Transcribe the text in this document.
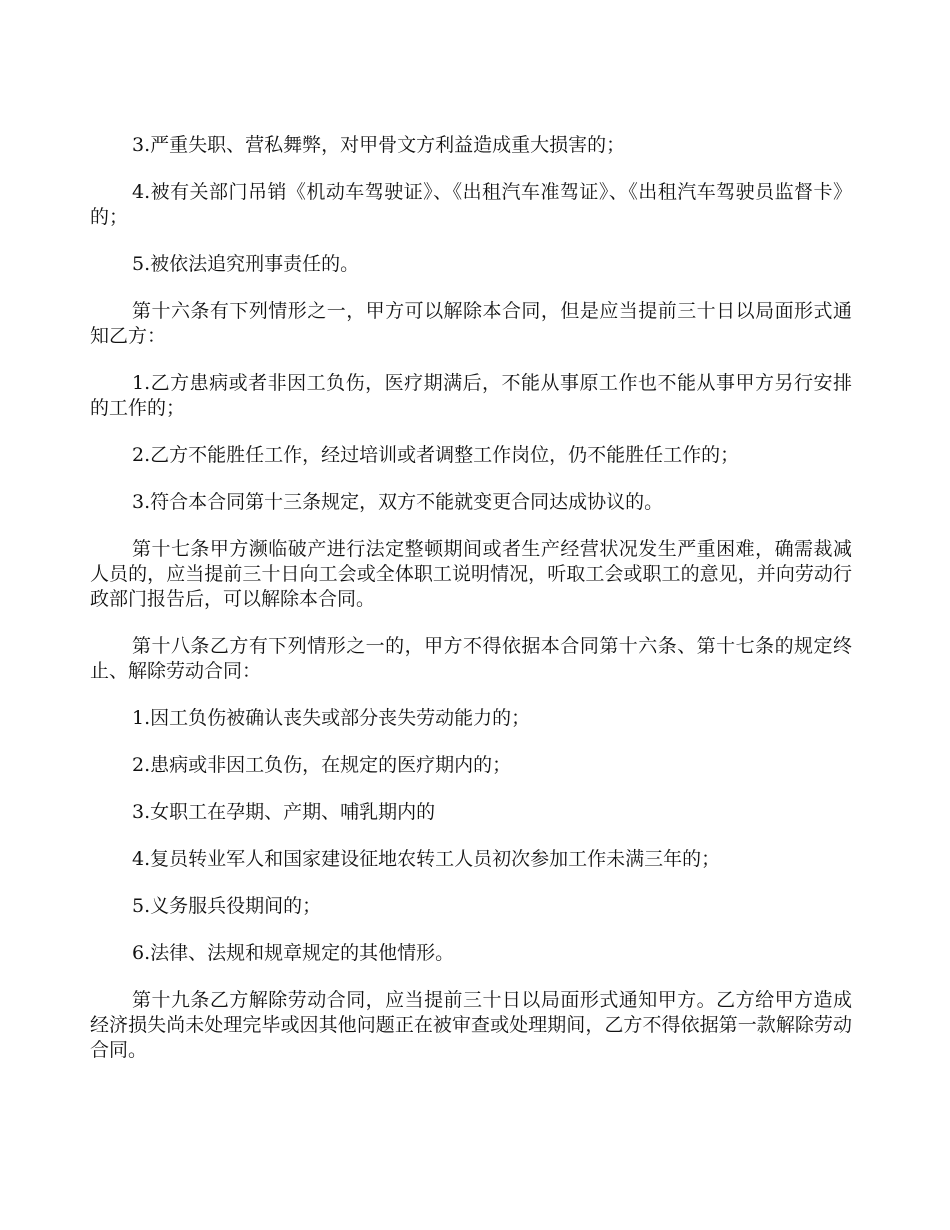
3.严重失职、营私舞弊，对甲骨文方利益造成重大损害的；

4.被有关部门吊销《机动车驾驶证》、《出租汽车准驾证》、《出租汽车驾驶员监督卡》的；

5.被依法追究刑事责任的。

第十六条有下列情形之一，甲方可以解除本合同，但是应当提前三十日以局面形式通知乙方：

1.乙方患病或者非因工负伤，医疗期满后，不能从事原工作也不能从事甲方另行安排的工作的；

2.乙方不能胜任工作，经过培训或者调整工作岗位，仍不能胜任工作的；

3.符合本合同第十三条规定，双方不能就变更合同达成协议的。

第十七条甲方濒临破产进行法定整顿期间或者生产经营状况发生严重困难，确需裁减人员的，应当提前三十日向工会或全体职工说明情况，听取工会或职工的意见，并向劳动行政部门报告后，可以解除本合同。

第十八条乙方有下列情形之一的，甲方不得依据本合同第十六条、第十七条的规定终止、解除劳动合同：

1.因工负伤被确认丧失或部分丧失劳动能力的；

2.患病或非因工负伤，在规定的医疗期内的；

3.女职工在孕期、产期、哺乳期内的

4.复员转业军人和国家建设征地农转工人员初次参加工作未满三年的；

5.义务服兵役期间的；

6.法律、法规和规章规定的其他情形。

第十九条乙方解除劳动合同，应当提前三十日以局面形式通知甲方。乙方给甲方造成经济损失尚未处理完毕或因其他问题正在被审查或处理期间，乙方不得依据第一款解除劳动合同。
